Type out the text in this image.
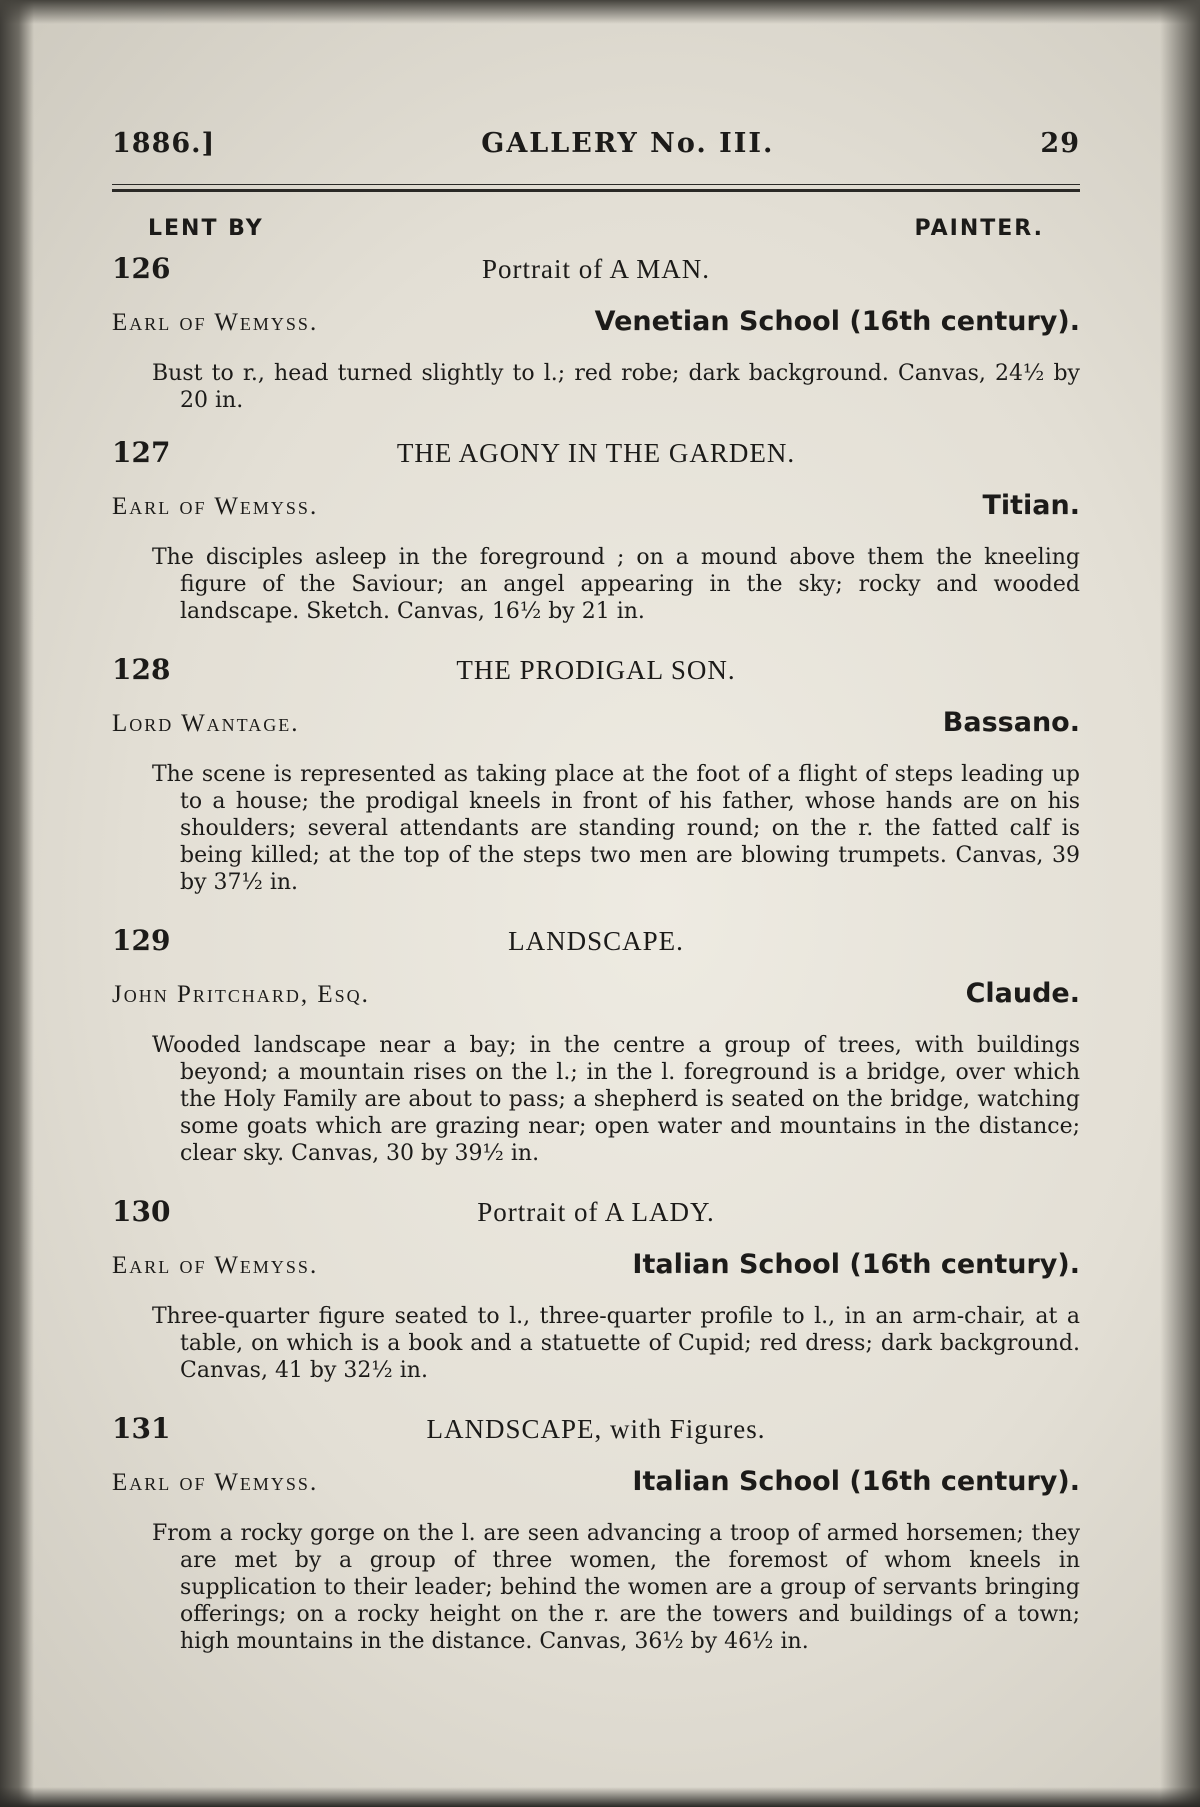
1886.]	GALLERY No. III.	29
LENT BY	PAINTER.
126	Portrait of A MAN.
Earl of Wemyss.	Venetian School (16th century).
Bust to r., head turned slightly to l.; red robe; dark background. Canvas, 24½ by 20 in.
127	THE AGONY IN THE GARDEN.
Earl of Wemyss.	Titian.
The disciples asleep in the foreground ; on a mound above them the kneeling figure of the Saviour; an angel appearing in the sky; rocky and wooded landscape. Sketch. Canvas, 16½ by 21 in.
128	THE PRODIGAL SON.
Lord Wantage.	Bassano.
The scene is represented as taking place at the foot of a flight of steps leading up to a house; the prodigal kneels in front of his father, whose hands are on his shoulders; several attendants are standing round; on the r. the fatted calf is being killed; at the top of the steps two men are blowing trumpets. Canvas, 39 by 37½ in.
129	LANDSCAPE.
John Pritchard, Esq.	Claude.
Wooded landscape near a bay; in the centre a group of trees, with buildings beyond; a mountain rises on the l.; in the l. foreground is a bridge, over which the Holy Family are about to pass; a shepherd is seated on the bridge, watching some goats which are grazing near; open water and mountains in the distance; clear sky. Canvas, 30 by 39½ in.
130	Portrait of A LADY.
Earl of Wemyss.	Italian School (16th century).
Three-quarter figure seated to l., three-quarter profile to l., in an arm-chair, at a table, on which is a book and a statuette of Cupid; red dress; dark background. Canvas, 41 by 32½ in.
131	LANDSCAPE, with Figures.
Earl of Wemyss.	Italian School (16th century).
From a rocky gorge on the l. are seen advancing a troop of armed horsemen; they are met by a group of three women, the foremost of whom kneels in supplication to their leader; behind the women are a group of servants bringing offerings; on a rocky height on the r. are the towers and buildings of a town; high mountains in the distance. Canvas, 36½ by 46½ in.
